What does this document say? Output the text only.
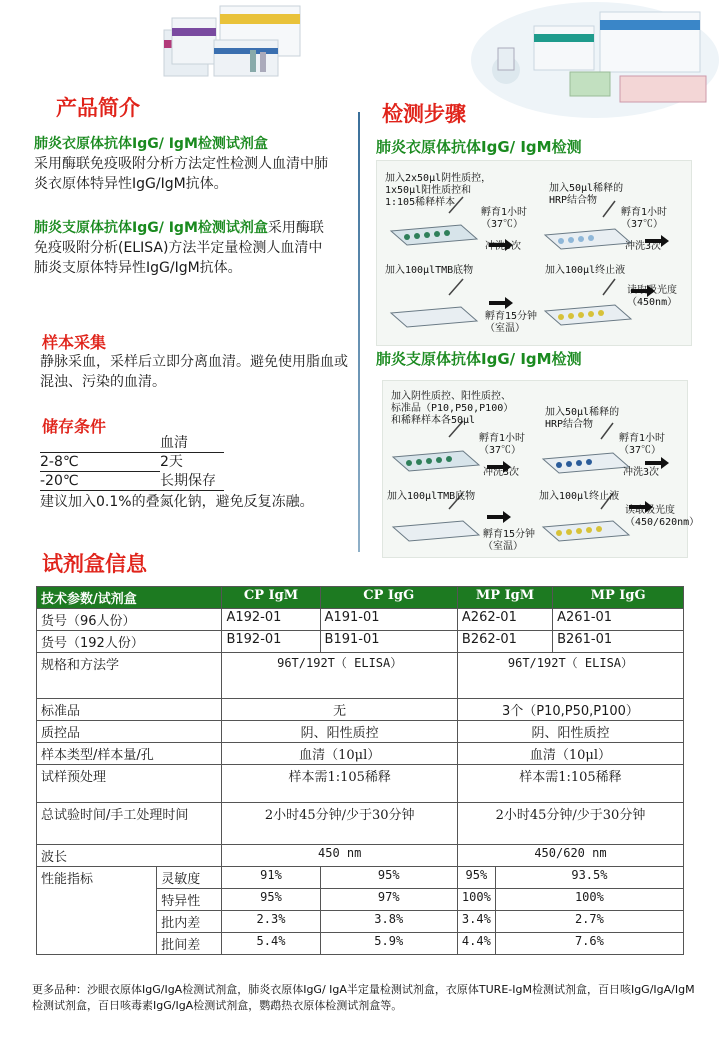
产品简介
肺炎衣原体抗体IgG/ IgM检测试剂盒
采用酶联免疫吸附分析方法定性检测人血清中肺炎衣原体特异性IgG/IgM抗体。
肺炎支原体抗体IgG/ IgM检测试剂盒采用酶联免疫吸附分析(ELISA)方法半定量检测人血清中肺炎支原体特异性IgG/IgM抗体。
样本采集
静脉采血，采样后立即分离血清。避免使用脂血或混浊、污染的血清。
储存条件
血清
2-8℃	2天
-20℃	长期保存
建议加入0.1%的叠氮化钠，避免反复冻融。
检测步骤
肺炎衣原体抗体IgG/ IgM检测
加入2x50μl阴性质控，
1x50μl阳性质控和
1:105稀释样本
孵育1小时
（37℃）
冲洗3次
加入50μl稀释的
HRP结合物
孵育1小时
（37℃）
冲洗3次
加入100μlTMB底物
孵育15分钟
（室温）
加入100μl终止液
读取吸光度
（450nm）
肺炎支原体抗体IgG/ IgM检测
加入阴性质控、阳性质控、
标准品（P10,P50,P100）
和稀释样本各50μl
孵育1小时
（37℃）
冲洗3次
加入50μl稀释的
HRP结合物
孵育1小时
（37℃）
冲洗3次
加入100μlTMB底物
孵育15分钟
（室温）
加入100μl终止液
读取吸光度
（450/620nm）
试剂盒信息
技术参数/试剂盒		CP IgM	CP IgG	MP IgM		MP IgG
货号（96人份）		A192-01	A191-01	A262-01		A261-01
货号（192人份）		B192-01	B191-01	B262-01		B261-01
规格和方法学		96T/192T（ ELISA）		96T/192T（ ELISA）		
标准品		无		3个（P10,P50,P100）		
质控品		阴、阳性质控		阴、阳性质控		
样本类型/样本量/孔		血清（10μl）		血清（10μl）		
试样预处理		样本需1:105稀释		样本需1:105稀释		
总试验时间/手工处理时间		2小时45分钟/少于30分钟		2小时45分钟/少于30分钟		
波长		450 nm		450/620 nm		
性能指标	灵敏度	91%	95%	95%	93.5%	
	特异性	95%	97%	100%	100%	
	批内差	2.3%	3.8%	3.4%	2.7%	
	批间差	5.4%	5.9%	4.4%	7.6%	
更多品种：沙眼衣原体IgG/IgA检测试剂盒，肺炎衣原体IgG/ IgA半定量检测试剂盒，衣原体TURE-IgM检测试剂盒，百日咳IgG/IgA/IgM检测试剂盒，百日咳毒素IgG/IgA检测试剂盒，鹦鹉热衣原体检测试剂盒等。
